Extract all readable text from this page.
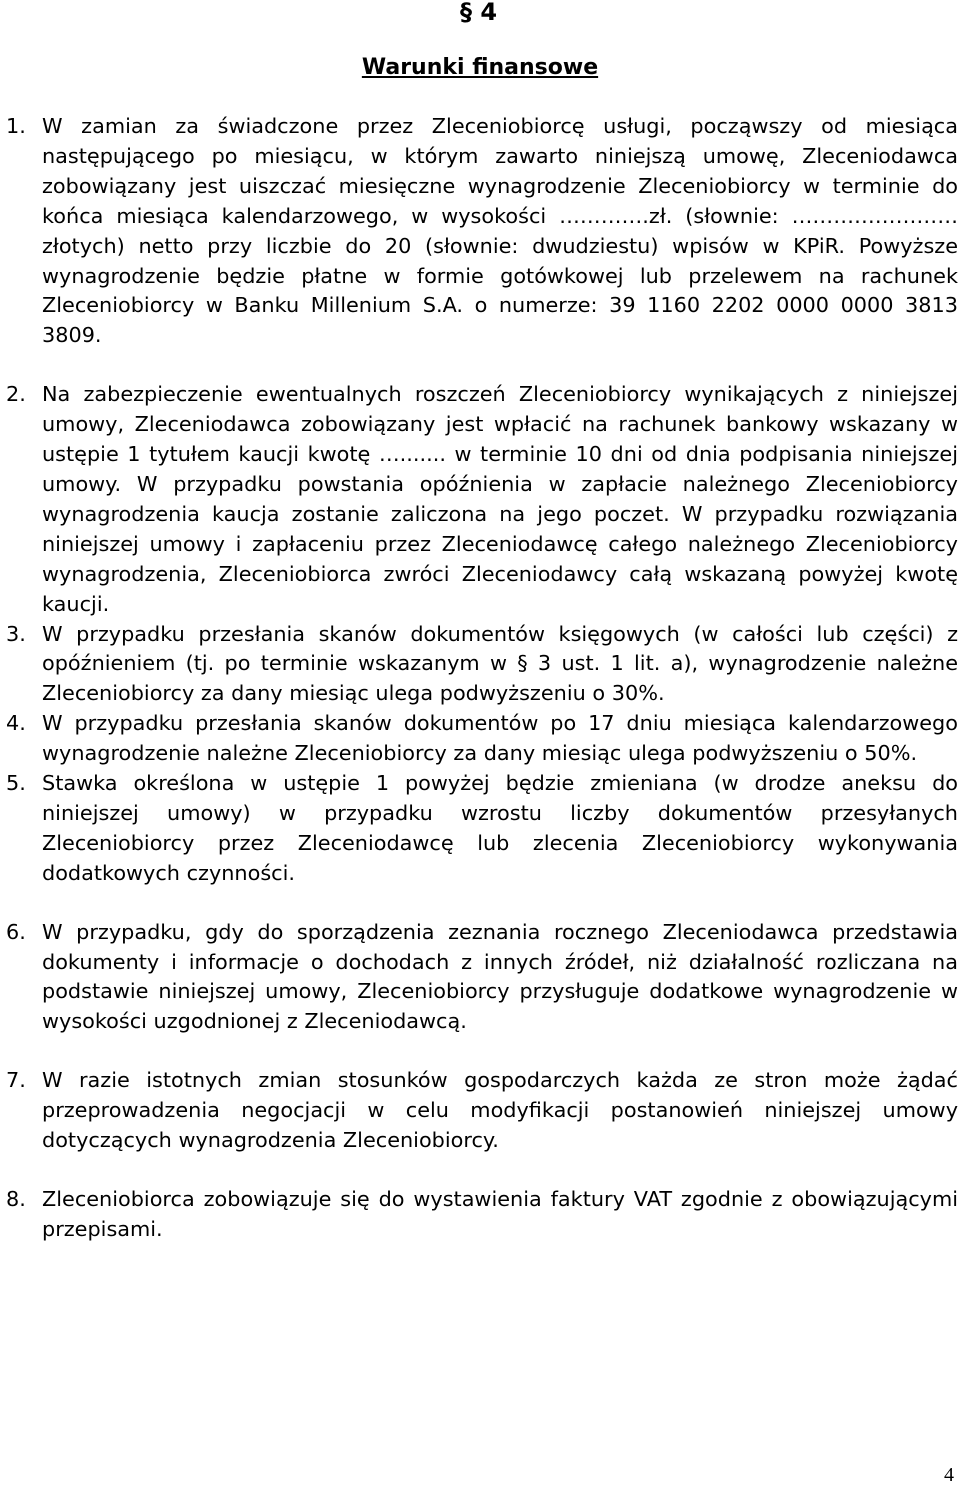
§ 4
Warunki finansowe
1. W zamian za świadczone przez Zleceniobiorcę usługi, począwszy od miesiąca następującego po miesiącu, w którym zawarto niniejszą umowę, Zleceniodawca zobowiązany jest uiszczać miesięczne wynagrodzenie Zleceniobiorcy w terminie do końca miesiąca kalendarzowego, w wysokości ………….zł. (słownie: …………………… złotych) netto przy liczbie do 20 (słownie: dwudziestu) wpisów w KPiR. Powyższe wynagrodzenie będzie płatne w formie gotówkowej lub przelewem na rachunek Zleceniobiorcy w Banku Millenium S.A. o numerze: 39 1160 2202 0000 0000 3813 3809.
2. Na zabezpieczenie ewentualnych roszczeń Zleceniobiorcy wynikających z niniejszej umowy, Zleceniodawca zobowiązany jest wpłacić na rachunek bankowy wskazany w ustępie 1 tytułem kaucji kwotę …....... w terminie 10 dni od dnia podpisania niniejszej umowy. W przypadku powstania opóźnienia w zapłacie należnego Zleceniobiorcy wynagrodzenia kaucja zostanie zaliczona na jego poczet. W przypadku rozwiązania niniejszej umowy i zapłaceniu przez Zleceniodawcę całego należnego Zleceniobiorcy wynagrodzenia, Zleceniobiorca zwróci Zleceniodawcy całą wskazaną powyżej kwotę kaucji.
3. W przypadku przesłania skanów dokumentów księgowych (w całości lub części) z opóźnieniem (tj. po terminie wskazanym w § 3 ust. 1 lit. a), wynagrodzenie należne Zleceniobiorcy za dany miesiąc ulega podwyższeniu o 30%.
4. W przypadku przesłania skanów dokumentów po 17 dniu miesiąca kalendarzowego wynagrodzenie należne Zleceniobiorcy za dany miesiąc ulega podwyższeniu o 50%.
5. Stawka określona w ustępie 1 powyżej będzie zmieniana (w drodze aneksu do niniejszej umowy) w przypadku wzrostu liczby dokumentów przesyłanych Zleceniobiorcy przez Zleceniodawcę lub zlecenia Zleceniobiorcy wykonywania dodatkowych czynności.
6. W przypadku, gdy do sporządzenia zeznania rocznego Zleceniodawca przedstawia dokumenty i informacje o dochodach z innych źródeł, niż działalność rozliczana na podstawie niniejszej umowy, Zleceniobiorcy przysługuje dodatkowe wynagrodzenie w wysokości uzgodnionej z Zleceniodawcą.
7. W razie istotnych zmian stosunków gospodarczych każda ze stron może żądać przeprowadzenia negocjacji w celu modyfikacji postanowień niniejszej umowy dotyczących wynagrodzenia Zleceniobiorcy.
8. Zleceniobiorca zobowiązuje się do wystawienia faktury VAT zgodnie z obowiązującymi przepisami.
4
